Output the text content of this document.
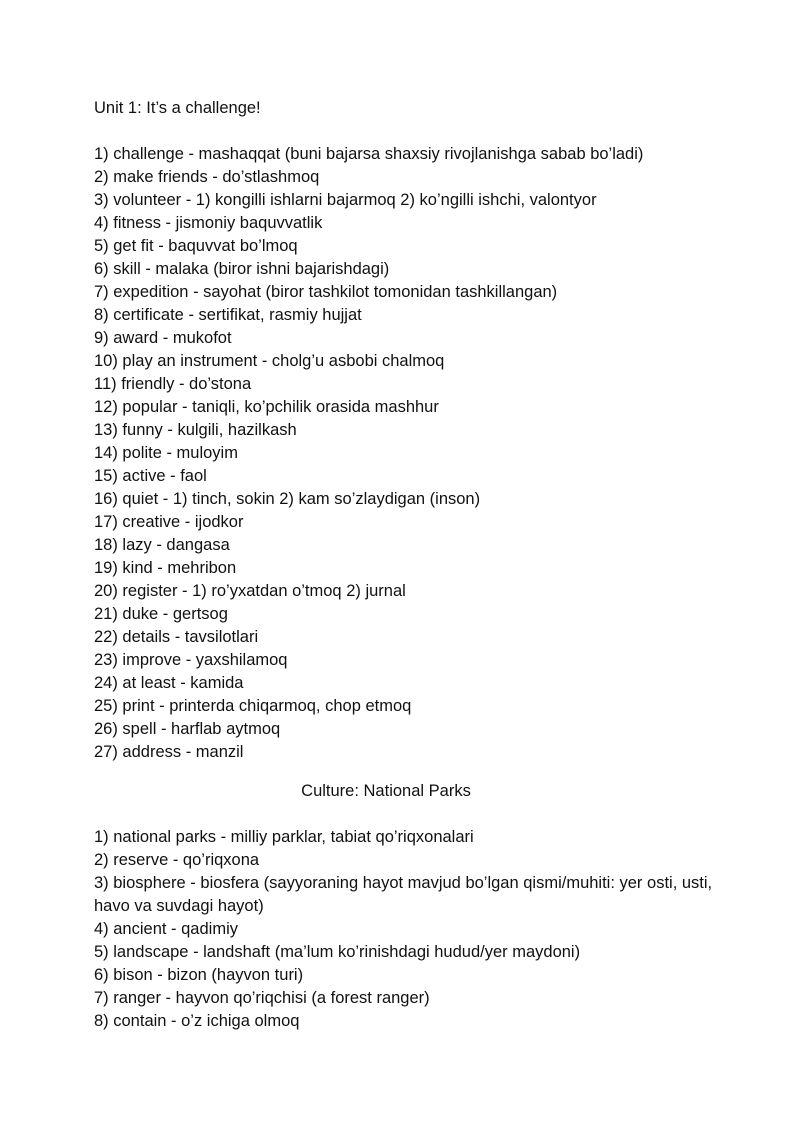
Unit 1: It’s a challenge!
1) challenge - mashaqqat (buni bajarsa shaxsiy rivojlanishga sabab bo’ladi)
2) make friends - do’stlashmoq
3) volunteer - 1) kongilli ishlarni bajarmoq 2) ko’ngilli ishchi, valontyor
4) fitness - jismoniy baquvvatlik
5) get fit - baquvvat bo’lmoq
6) skill - malaka (biror ishni bajarishdagi)
7) expedition - sayohat (biror tashkilot tomonidan tashkillangan)
8) certificate - sertifikat, rasmiy hujjat
9) award - mukofot
10) play an instrument - cholg’u asbobi chalmoq
11) friendly - do’stona
12) popular - taniqli, ko’pchilik orasida mashhur
13) funny - kulgili, hazilkash
14) polite - muloyim
15) active - faol
16) quiet - 1) tinch, sokin 2) kam so’zlaydigan (inson)
17) creative - ijodkor
18) lazy - dangasa
19) kind - mehribon
20) register - 1) ro’yxatdan o’tmoq 2) jurnal
21) duke - gertsog
22) details - tavsilotlari
23) improve - yaxshilamoq
24) at least - kamida
25) print - printerda chiqarmoq, chop etmoq
26) spell - harflab aytmoq
27) address - manzil
Culture: National Parks
1) national parks - milliy parklar, tabiat qo’riqxonalari
2) reserve - qo’riqxona
3) biosphere - biosfera (sayyoraning hayot mavjud bo’lgan qismi/muhiti: yer osti, usti, havo va suvdagi hayot)
4) ancient - qadimiy
5) landscape - landshaft (ma’lum ko’rinishdagi hudud/yer maydoni)
6) bison - bizon (hayvon turi)
7) ranger - hayvon qo’riqchisi (a forest ranger)
8) contain - o’z ichiga olmoq
